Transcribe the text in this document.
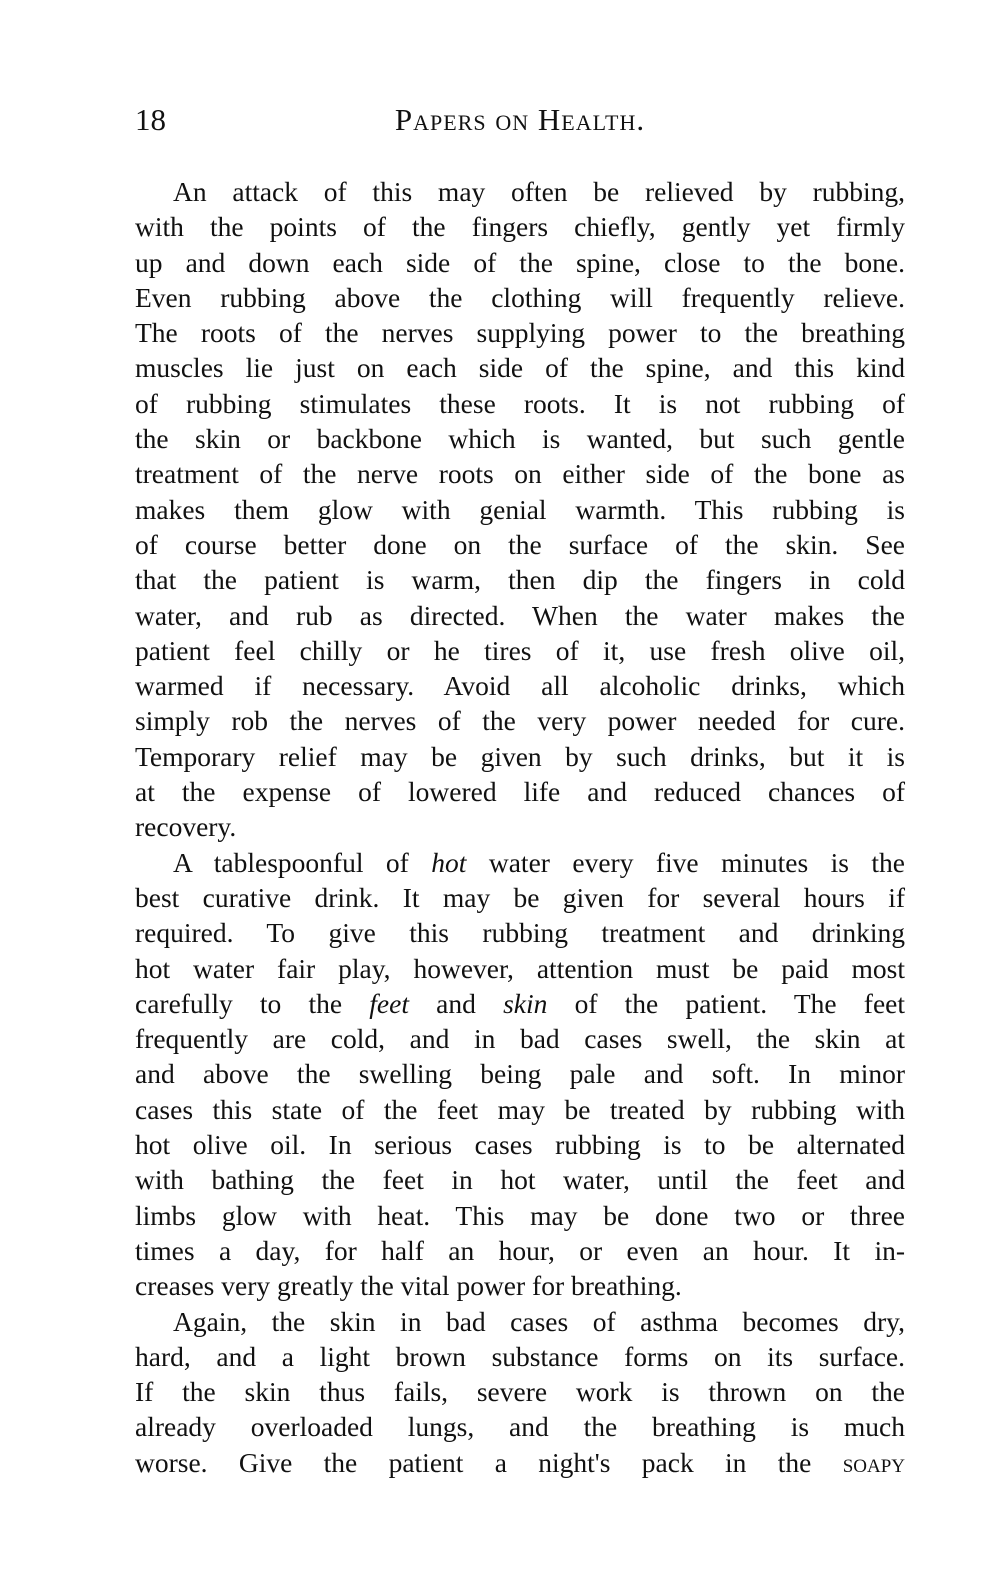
18	Papers on Health.
An attack of this may often be relieved by rubbing,
with the points of the fingers chiefly, gently yet firmly
up and down each side of the spine, close to the bone.
Even rubbing above the clothing will frequently relieve.
The roots of the nerves supplying power to the breathing
muscles lie just on each side of the spine, and this kind
of rubbing stimulates these roots. It is not rubbing of
the skin or backbone which is wanted, but such gentle
treatment of the nerve roots on either side of the bone as
makes them glow with genial warmth. This rubbing is
of course better done on the surface of the skin. See
that the patient is warm, then dip the fingers in cold
water, and rub as directed. When the water makes the
patient feel chilly or he tires of it, use fresh olive oil,
warmed if necessary. Avoid all alcoholic drinks, which
simply rob the nerves of the very power needed for cure.
Temporary relief may be given by such drinks, but it is
at the expense of lowered life and reduced chances of
recovery.
A tablespoonful of hot water every five minutes is the
best curative drink. It may be given for several hours if
required. To give this rubbing treatment and drinking
hot water fair play, however, attention must be paid most
carefully to the feet and skin of the patient. The feet
frequently are cold, and in bad cases swell, the skin at
and above the swelling being pale and soft. In minor
cases this state of the feet may be treated by rubbing with
hot olive oil. In serious cases rubbing is to be alternated
with bathing the feet in hot water, until the feet and
limbs glow with heat. This may be done two or three
times a day, for half an hour, or even an hour. It in-
creases very greatly the vital power for breathing.
Again, the skin in bad cases of asthma becomes dry,
hard, and a light brown substance forms on its surface.
If the skin thus fails, severe work is thrown on the
already overloaded lungs, and the breathing is much
worse. Give the patient a night's pack in the soapy
